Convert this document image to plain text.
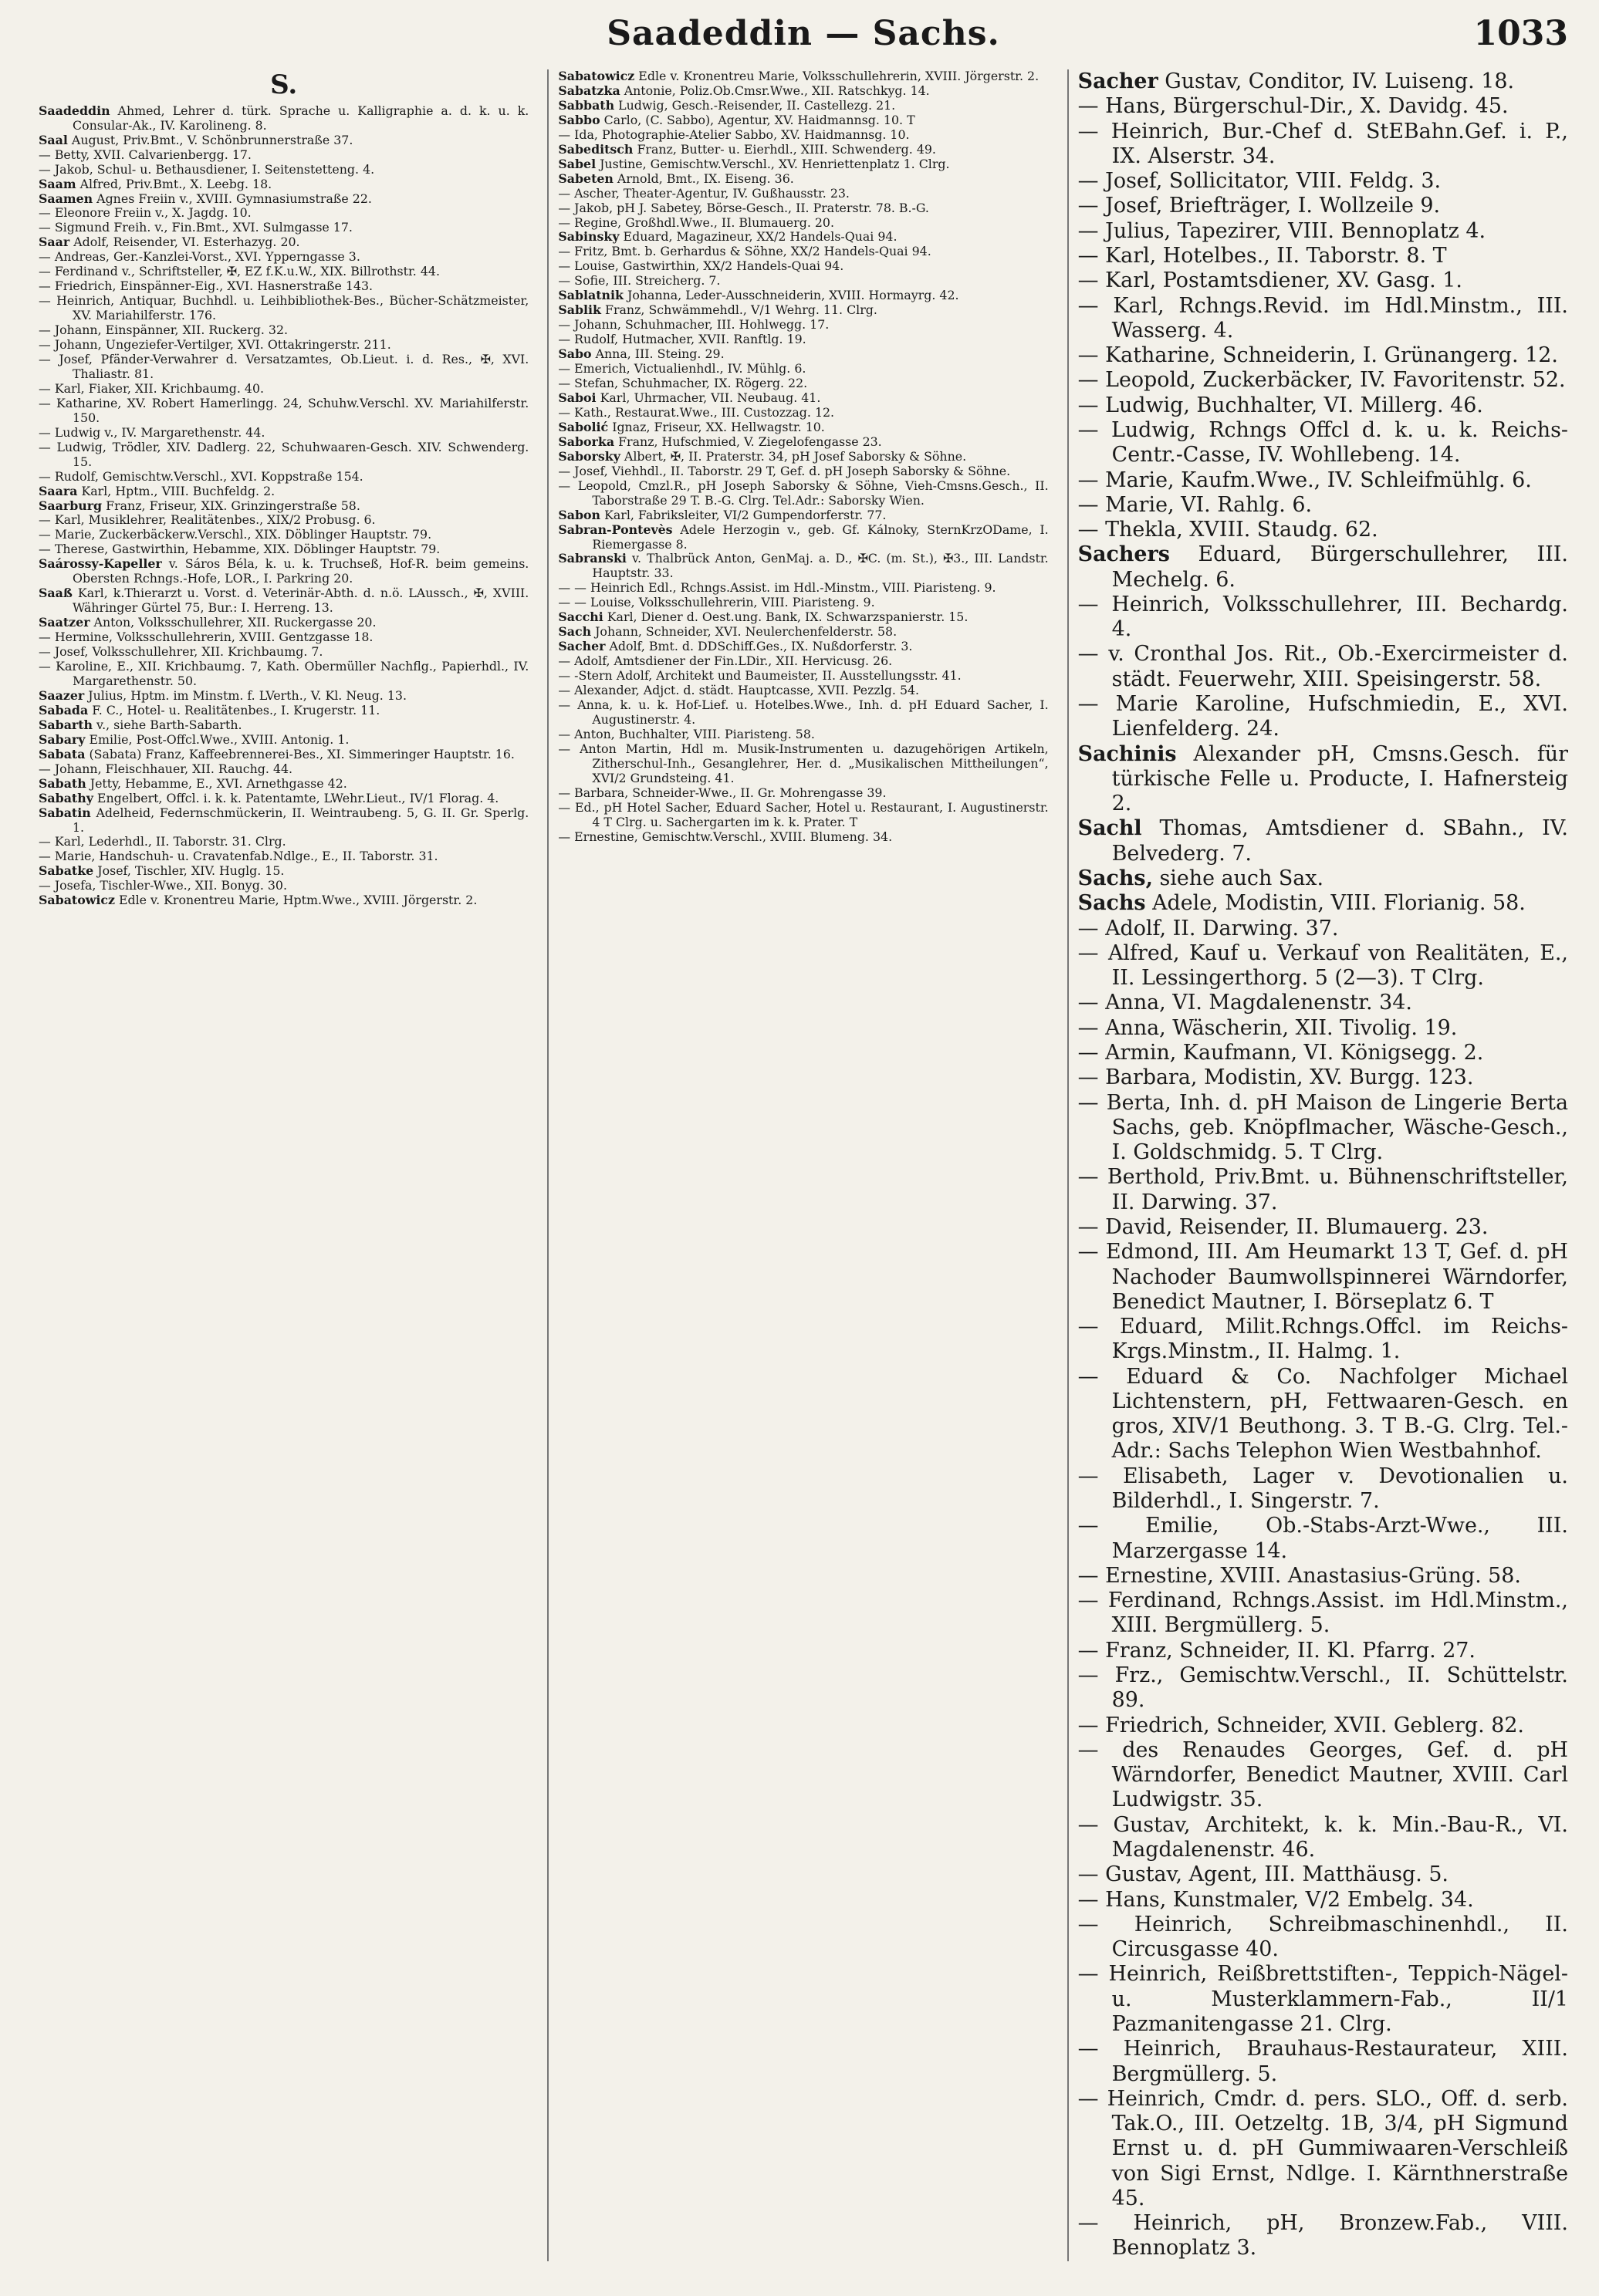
Saadeddin — Sachs.	1033
S.

Saadeddin Ahmed, Lehrer d. türk. Sprache u. Kalligraphie a. d. k. u. k. Consular-Ak., IV. Karolineng. 8.

Saal August, Priv.Bmt., V. Schönbrunnerstraße 37.

— Betty, XVII. Calvarienbergg. 17.

— Jakob, Schul- u. Bethausdiener, I. Seitenstetteng. 4.

Saam Alfred, Priv.Bmt., X. Leebg. 18.

Saamen Agnes Freiin v., XVIII. Gymnasiumstraße 22.

— Eleonore Freiin v., X. Jagdg. 10.

— Sigmund Freih. v., Fin.Bmt., XVI. Sulmgasse 17.

Saar Adolf, Reisender, VI. Esterhazyg. 20.

— Andreas, Ger.-Kanzlei-Vorst., XVI. Ypperngasse 3.

— Ferdinand v., Schriftsteller, ✠, EZ f.K.u.W., XIX. Billrothstr. 44.

— Friedrich, Einspänner-Eig., XVI. Hasnerstraße 143.

— Heinrich, Antiquar, Buchhdl. u. Leihbibliothek-Bes., Bücher-Schätzmeister, XV. Mariahilferstr. 176.

— Johann, Einspänner, XII. Ruckerg. 32.

— Johann, Ungeziefer-Vertilger, XVI. Ottakringerstr. 211.

— Josef, Pfänder-Verwahrer d. Versatzamtes, Ob.Lieut. i. d. Res., ✠, XVI. Thaliastr. 81.

— Karl, Fiaker, XII. Krichbaumg. 40.

— Katharine, XV. Robert Hamerlingg. 24, Schuhw.Verschl. XV. Mariahilferstr. 150.

— Ludwig v., IV. Margarethenstr. 44.

— Ludwig, Trödler, XIV. Dadlerg. 22, Schuhwaaren-Gesch. XIV. Schwenderg. 15.

— Rudolf, Gemischtw.Verschl., XVI. Koppstraße 154.

Saara Karl, Hptm., VIII. Buchfeldg. 2.

Saarburg Franz, Friseur, XIX. Grinzingerstraße 58.

— Karl, Musiklehrer, Realitätenbes., XIX/2 Probusg. 6.

— Marie, Zuckerbäckerw.Verschl., XIX. Döblinger Hauptstr. 79.

— Therese, Gastwirthin, Hebamme, XIX. Döblinger Hauptstr. 79.

Saárossy-Kapeller v. Sáros Béla, k. u. k. Truchseß, Hof-R. beim gemeins. Obersten Rchngs.-Hofe, LOR., I. Parkring 20.

Saaß Karl, k.Thierarzt u. Vorst. d. Veterinär-Abth. d. n.ö. LAussch., ✠, XVIII. Währinger Gürtel 75, Bur.: I. Herreng. 13.

Saatzer Anton, Volksschullehrer, XII. Ruckergasse 20.

— Hermine, Volksschullehrerin, XVIII. Gentzgasse 18.

— Josef, Volksschullehrer, XII. Krichbaumg. 7.

— Karoline, E., XII. Krichbaumg. 7, Kath. Obermüller Nachflg., Papierhdl., IV. Margarethenstr. 50.

Saazer Julius, Hptm. im Minstm. f. LVerth., V. Kl. Neug. 13.

Sabada F. C., Hotel- u. Realitätenbes., I. Krugerstr. 11.

Sabarth v., siehe Barth-Sabarth.

Sabary Emilie, Post-Offcl.Wwe., XVIII. Antonig. 1.

Sabata (Sabata) Franz, Kaffeebrennerei-Bes., XI. Simmeringer Hauptstr. 16.

— Johann, Fleischhauer, XII. Rauchg. 44.

Sabath Jetty, Hebamme, E., XVI. Arnethgasse 42.

Sabathy Engelbert, Offcl. i. k. k. Patentamte, LWehr.Lieut., IV/1 Florag. 4.

Sabatin Adelheid, Federnschmückerin, II. Weintraubeng. 5, G. II. Gr. Sperlg. 1.

— Karl, Lederhdl., II. Taborstr. 31. Clrg.

— Marie, Handschuh- u. Cravatenfab.Ndlge., E., II. Taborstr. 31.

Sabatke Josef, Tischler, XIV. Huglg. 15.

— Josefa, Tischler-Wwe., XII. Bonyg. 30.

Sabatowicz Edle v. Kronentreu Marie, Hptm.Wwe., XVIII. Jörgerstr. 2.

Sabatowicz Edle v. Kronentreu Marie, Volksschullehrerin, XVIII. Jörgerstr. 2.

Sabatzka Antonie, Poliz.Ob.Cmsr.Wwe., XII. Ratschkyg. 14.

Sabbath Ludwig, Gesch.-Reisender, II. Castellezg. 21.

Sabbo Carlo, (C. Sabbo), Agentur, XV. Haidmannsg. 10. T

— Ida, Photographie-Atelier Sabbo, XV. Haidmannsg. 10.

Sabeditsch Franz, Butter- u. Eierhdl., XIII. Schwenderg. 49.

Sabel Justine, Gemischtw.Verschl., XV. Henriettenplatz 1. Clrg.

Sabeten Arnold, Bmt., IX. Eiseng. 36.

— Ascher, Theater-Agentur, IV. Gußhausstr. 23.

— Jakob, pH J. Sabetey, Börse-Gesch., II. Praterstr. 78. B.-G.

— Regine, Großhdl.Wwe., II. Blumauerg. 20.

Sabinsky Eduard, Magazineur, XX/2 Handels-Quai 94.

— Fritz, Bmt. b. Gerhardus & Söhne, XX/2 Handels-Quai 94.

— Louise, Gastwirthin, XX/2 Handels-Quai 94.

— Sofie, III. Streicherg. 7.

Sablatnik Johanna, Leder-Ausschneiderin, XVIII. Hormayrg. 42.

Sablik Franz, Schwämmehdl., V/1 Wehrg. 11. Clrg.

— Johann, Schuhmacher, III. Hohlwegg. 17.

— Rudolf, Hutmacher, XVII. Ranftlg. 19.

Sabo Anna, III. Steing. 29.

— Emerich, Victualienhdl., IV. Mühlg. 6.

— Stefan, Schuhmacher, IX. Rögerg. 22.

Saboi Karl, Uhrmacher, VII. Neubaug. 41.

— Kath., Restaurat.Wwe., III. Custozzag. 12.

Sabolić Ignaz, Friseur, XX. Hellwagstr. 10.

Saborka Franz, Hufschmied, V. Ziegelofengasse 23.

Saborsky Albert, ✠, II. Praterstr. 34, pH Josef Saborsky & Söhne.

— Josef, Viehhdl., II. Taborstr. 29 T, Gef. d. pH Joseph Saborsky & Söhne.

— Leopold, Cmzl.R., pH Joseph Saborsky & Söhne, Vieh-Cmsns.Gesch., II. Taborstraße 29 T. B.-G. Clrg. Tel.Adr.: Saborsky Wien.

Sabon Karl, Fabriksleiter, VI/2 Gumpendorferstr. 77.

Sabran-Pontevès Adele Herzogin v., geb. Gf. Kálnoky, SternKrzODame, I. Riemergasse 8.

Sabranski v. Thalbrück Anton, GenMaj. a. D., ✠C. (m. St.), ✠3., III. Landstr. Hauptstr. 33.

— — Heinrich Edl., Rchngs.Assist. im Hdl.-Minstm., VIII. Piaristeng. 9.

— — Louise, Volksschullehrerin, VIII. Piaristeng. 9.

Sacchi Karl, Diener d. Oest.ung. Bank, IX. Schwarzspanierstr. 15.

Sach Johann, Schneider, XVI. Neulerchenfelderstr. 58.

Sacher Adolf, Bmt. d. DDSchiff.Ges., IX. Nußdorferstr. 3.

— Adolf, Amtsdiener der Fin.LDir., XII. Hervicusg. 26.

— -Stern Adolf, Architekt und Baumeister, II. Ausstellungsstr. 41.

— Alexander, Adjct. d. städt. Hauptcasse, XVII. Pezzlg. 54.

— Anna, k. u. k. Hof-Lief. u. Hotelbes.Wwe., Inh. d. pH Eduard Sacher, I. Augustinerstr. 4.

— Anton, Buchhalter, VIII. Piaristeng. 58.

— Anton Martin, Hdl m. Musik-Instrumenten u. dazugehörigen Artikeln, Zitherschul-Inh., Gesanglehrer, Her. d. „Musikalischen Mittheilungen“, XVI/2 Grundsteing. 41.

— Barbara, Schneider-Wwe., II. Gr. Mohrengasse 39.

— Ed., pH Hotel Sacher, Eduard Sacher, Hotel u. Restaurant, I. Augustinerstr. 4 T Clrg. u. Sachergarten im k. k. Prater. T

— Ernestine, Gemischtw.Verschl., XVIII. Blumeng. 34.

Sacher Gustav, Conditor, IV. Luiseng. 18.

— Hans, Bürgerschul-Dir., X. Davidg. 45.

— Heinrich, Bur.-Chef d. StEBahn.Gef. i. P., IX. Alserstr. 34.

— Josef, Sollicitator, VIII. Feldg. 3.

— Josef, Briefträger, I. Wollzeile 9.

— Julius, Tapezirer, VIII. Bennoplatz 4.

— Karl, Hotelbes., II. Taborstr. 8. T

— Karl, Postamtsdiener, XV. Gasg. 1.

— Karl, Rchngs.Revid. im Hdl.Minstm., III. Wasserg. 4.

— Katharine, Schneiderin, I. Grünangerg. 12.

— Leopold, Zuckerbäcker, IV. Favoritenstr. 52.

— Ludwig, Buchhalter, VI. Millerg. 46.

— Ludwig, Rchngs Offcl d. k. u. k. Reichs-Centr.-Casse, IV. Wohllebeng. 14.

— Marie, Kaufm.Wwe., IV. Schleifmühlg. 6.

— Marie, VI. Rahlg. 6.

— Thekla, XVIII. Staudg. 62.

Sachers Eduard, Bürgerschullehrer, III. Mechelg. 6.

— Heinrich, Volksschullehrer, III. Bechardg. 4.

— v. Cronthal Jos. Rit., Ob.-Exercirmeister d. städt. Feuerwehr, XIII. Speisingerstr. 58.

— Marie Karoline, Hufschmiedin, E., XVI. Lienfelderg. 24.

Sachinis Alexander pH, Cmsns.Gesch. für türkische Felle u. Producte, I. Hafnersteig 2.

Sachl Thomas, Amtsdiener d. SBahn., IV. Belvederg. 7.

Sachs, siehe auch Sax.

Sachs Adele, Modistin, VIII. Florianig. 58.

— Adolf, II. Darwing. 37.

— Alfred, Kauf u. Verkauf von Realitäten, E., II. Lessingerthorg. 5 (2—3). T Clrg.

— Anna, VI. Magdalenenstr. 34.

— Anna, Wäscherin, XII. Tivolig. 19.

— Armin, Kaufmann, VI. Königsegg. 2.

— Barbara, Modistin, XV. Burgg. 123.

— Berta, Inh. d. pH Maison de Lingerie Berta Sachs, geb. Knöpflmacher, Wäsche-Gesch., I. Goldschmidg. 5. T Clrg.

— Berthold, Priv.Bmt. u. Bühnenschriftsteller, II. Darwing. 37.

— David, Reisender, II. Blumauerg. 23.

— Edmond, III. Am Heumarkt 13 T, Gef. d. pH Nachoder Baumwollspinnerei Wärndorfer, Benedict Mautner, I. Börseplatz 6. T

— Eduard, Milit.Rchngs.Offcl. im Reichs-Krgs.Minstm., II. Halmg. 1.

— Eduard & Co. Nachfolger Michael Lichtenstern, pH, Fettwaaren-Gesch. en gros, XIV/1 Beuthong. 3. T B.-G. Clrg. Tel.-Adr.: Sachs Telephon Wien Westbahnhof.

— Elisabeth, Lager v. Devotionalien u. Bilderhdl., I. Singerstr. 7.

— Emilie, Ob.-Stabs-Arzt-Wwe., III. Marzergasse 14.

— Ernestine, XVIII. Anastasius-Grüng. 58.

— Ferdinand, Rchngs.Assist. im Hdl.Minstm., XIII. Bergmüllerg. 5.

— Franz, Schneider, II. Kl. Pfarrg. 27.

— Frz., Gemischtw.Verschl., II. Schüttelstr. 89.

— Friedrich, Schneider, XVII. Geblerg. 82.

— des Renaudes Georges, Gef. d. pH Wärndorfer, Benedict Mautner, XVIII. Carl Ludwigstr. 35.

— Gustav, Architekt, k. k. Min.-Bau-R., VI. Magdalenenstr. 46.

— Gustav, Agent, III. Matthäusg. 5.

— Hans, Kunstmaler, V/2 Embelg. 34.

— Heinrich, Schreibmaschinenhdl., II. Circusgasse 40.

— Heinrich, Reißbrettstiften-, Teppich-Nägel- u. Musterklammern-Fab., II/1 Pazmanitengasse 21. Clrg.

— Heinrich, Brauhaus-Restaurateur, XIII. Bergmüllerg. 5.

— Heinrich, Cmdr. d. pers. SLO., Off. d. serb. Tak.O., III. Oetzeltg. 1B, 3/4, pH Sigmund Ernst u. d. pH Gummiwaaren-Verschleiß von Sigi Ernst, Ndlge. I. Kärnthnerstraße 45.

— Heinrich, pH, Bronzew.Fab., VIII. Bennoplatz 3.
